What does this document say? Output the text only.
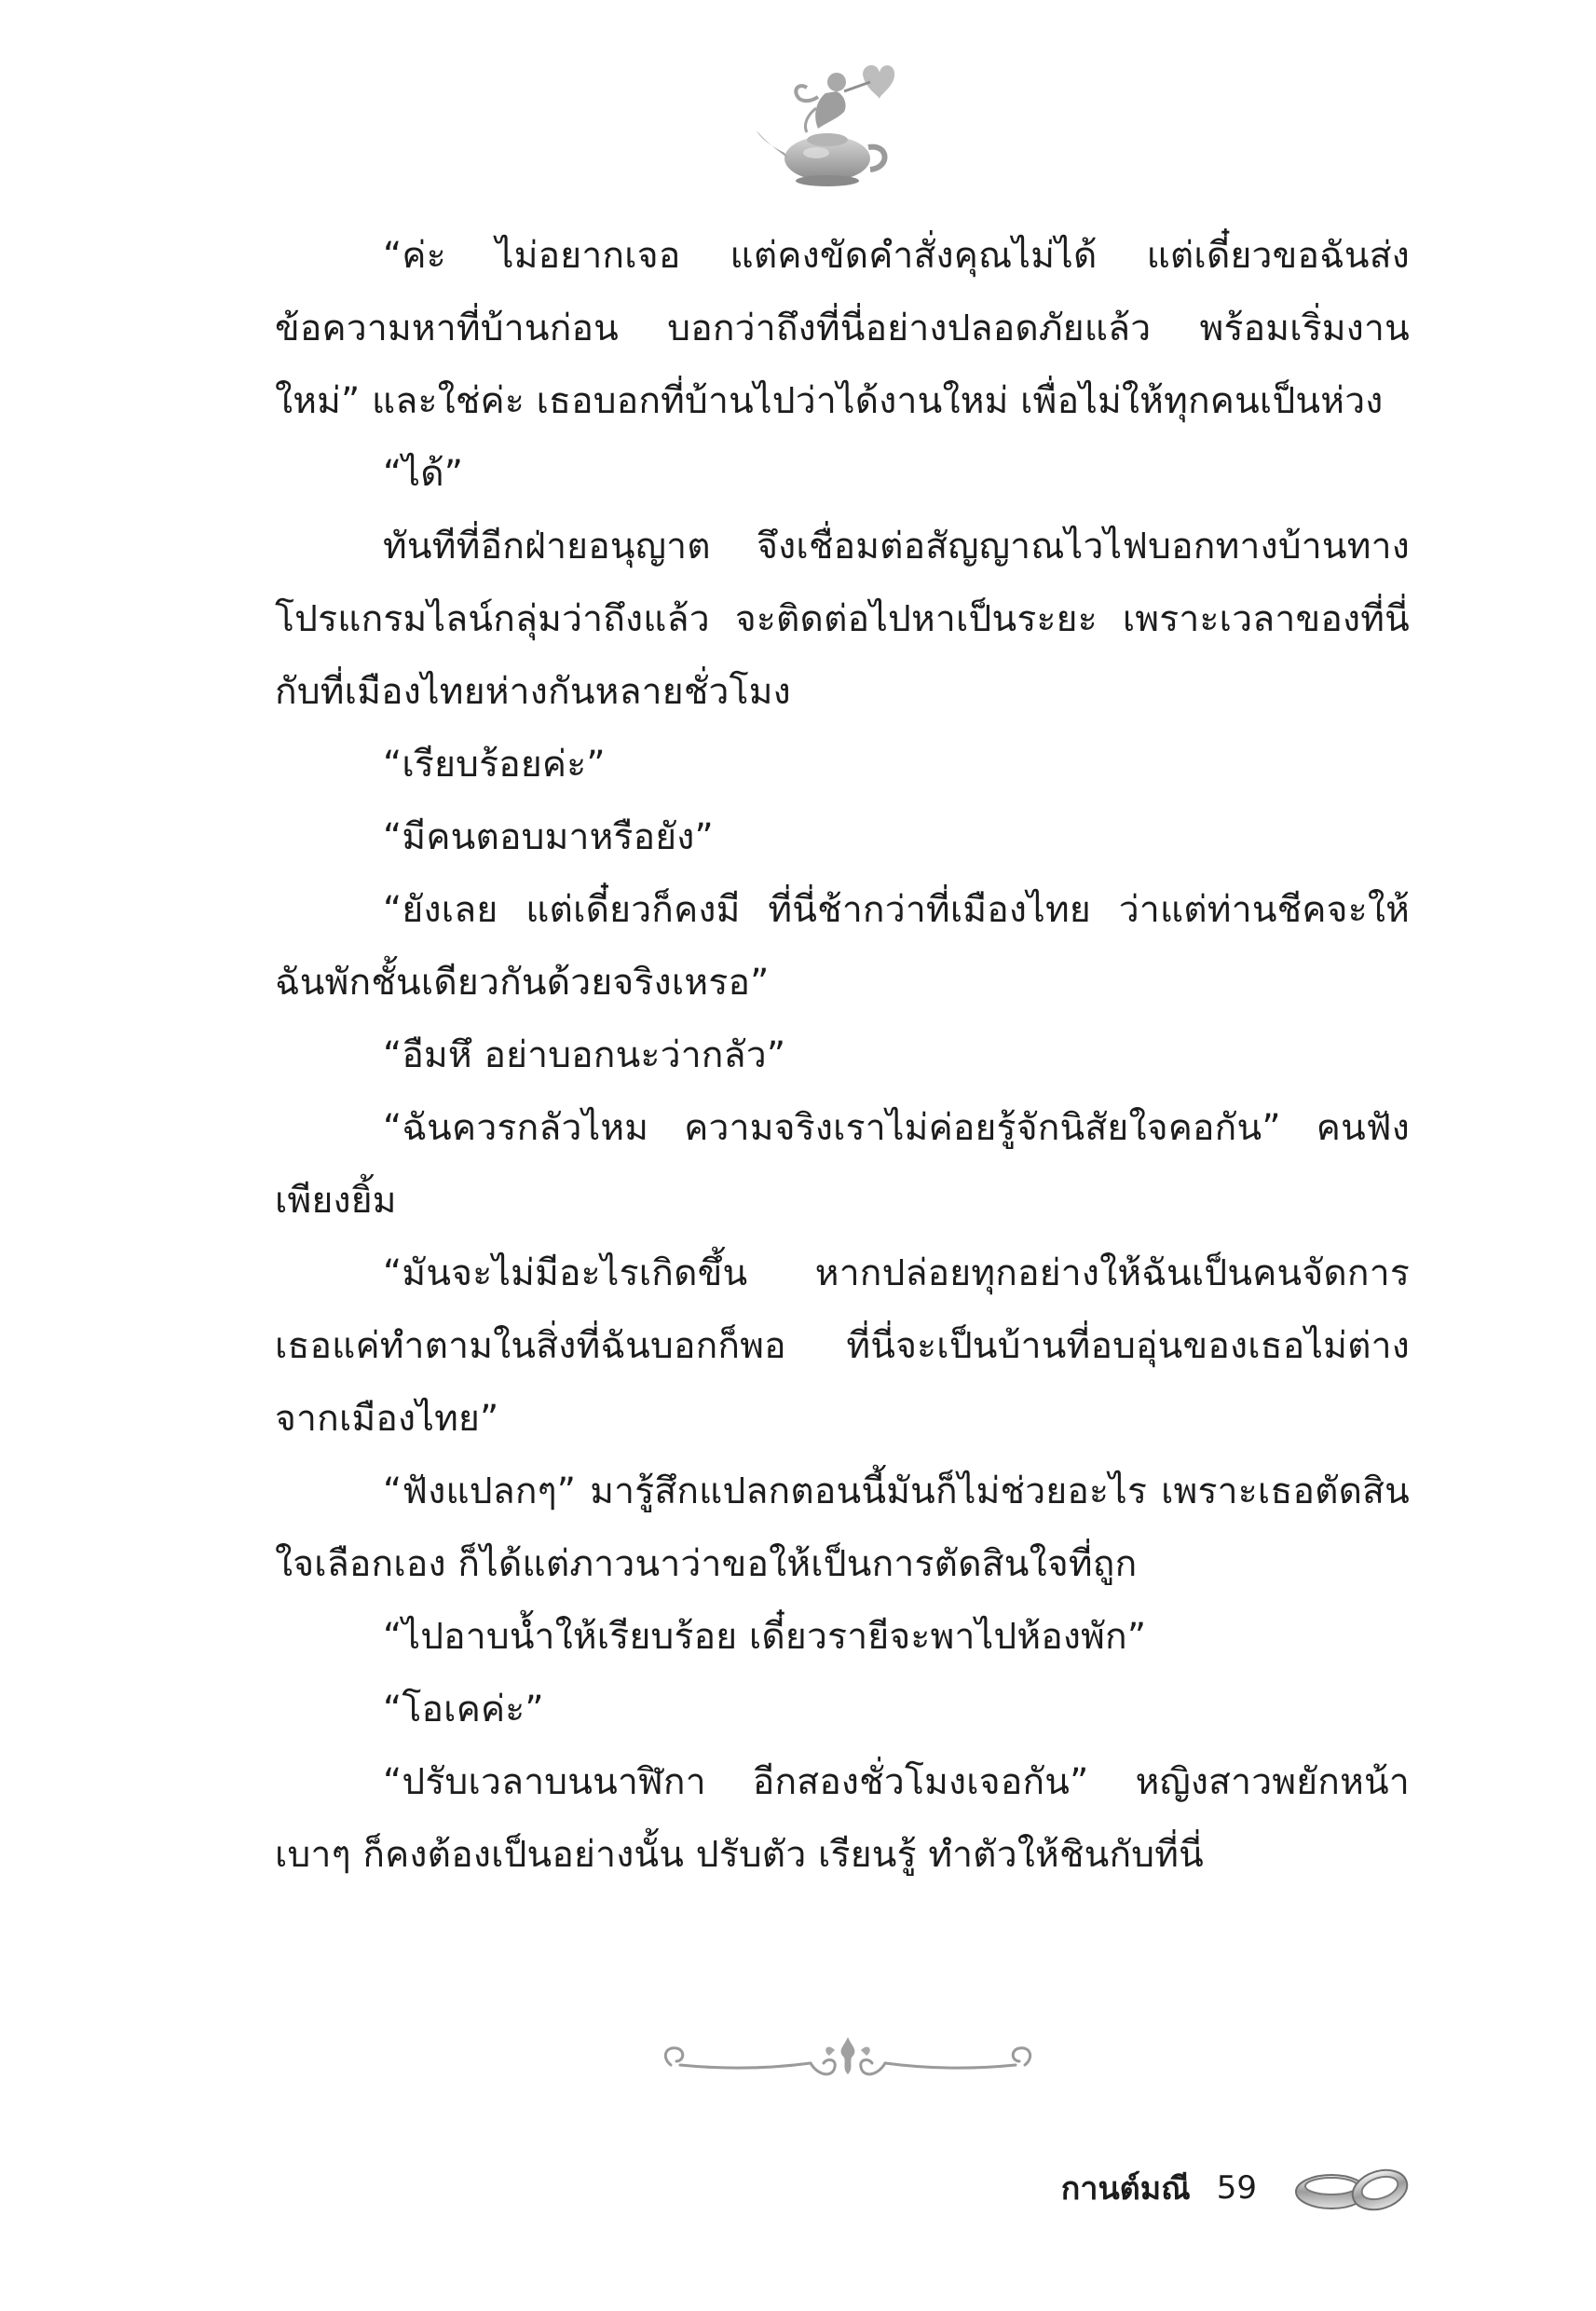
“ค่ะ ไม่อยากเจอ แต่คงขัดคำสั่งคุณไม่ได้ แต่เดี๋ยวขอฉันส่งข้อความหาที่บ้านก่อน บอกว่าถึงที่นี่อย่างปลอดภัยแล้ว พร้อมเริ่มงานใหม่” และใช่ค่ะ เธอบอกที่บ้านไปว่าได้งานใหม่ เพื่อไม่ให้ทุกคนเป็นห่วง

“ได้”

ทันทีที่อีกฝ่ายอนุญาต จึงเชื่อมต่อสัญญาณไวไฟบอกทางบ้านทางโปรแกรมไลน์กลุ่มว่าถึงแล้ว จะติดต่อไปหาเป็นระยะ เพราะเวลาของที่นี่กับที่เมืองไทยห่างกันหลายชั่วโมง

“เรียบร้อยค่ะ”

“มีคนตอบมาหรือยัง”

“ยังเลย แต่เดี๋ยวก็คงมี ที่นี่ช้ากว่าที่เมืองไทย ว่าแต่ท่านชีคจะให้ฉันพักชั้นเดียวกันด้วยจริงเหรอ”

“อืมหึ อย่าบอกนะว่ากลัว”

“ฉันควรกลัวไหม ความจริงเราไม่ค่อยรู้จักนิสัยใจคอกัน” คนฟังเพียงยิ้ม

“มันจะไม่มีอะไรเกิดขึ้น หากปล่อยทุกอย่างให้ฉันเป็นคนจัดการเธอแค่ทำตามในสิ่งที่ฉันบอกก็พอ ที่นี่จะเป็นบ้านที่อบอุ่นของเธอไม่ต่างจากเมืองไทย”

“ฟังแปลกๆ” มารู้สึกแปลกตอนนี้มันก็ไม่ช่วยอะไร เพราะเธอตัดสินใจเลือกเอง ก็ได้แต่ภาวนาว่าขอให้เป็นการตัดสินใจที่ถูก

“ไปอาบน้ำให้เรียบร้อย เดี๋ยวรายีจะพาไปห้องพัก”

“โอเคค่ะ”

“ปรับเวลาบนนาฬิกา อีกสองชั่วโมงเจอกัน” หญิงสาวพยักหน้าเบาๆ ก็คงต้องเป็นอย่างนั้น ปรับตัว เรียนรู้ ทำตัวให้ชินกับที่นี่

กานต์มณี 59
